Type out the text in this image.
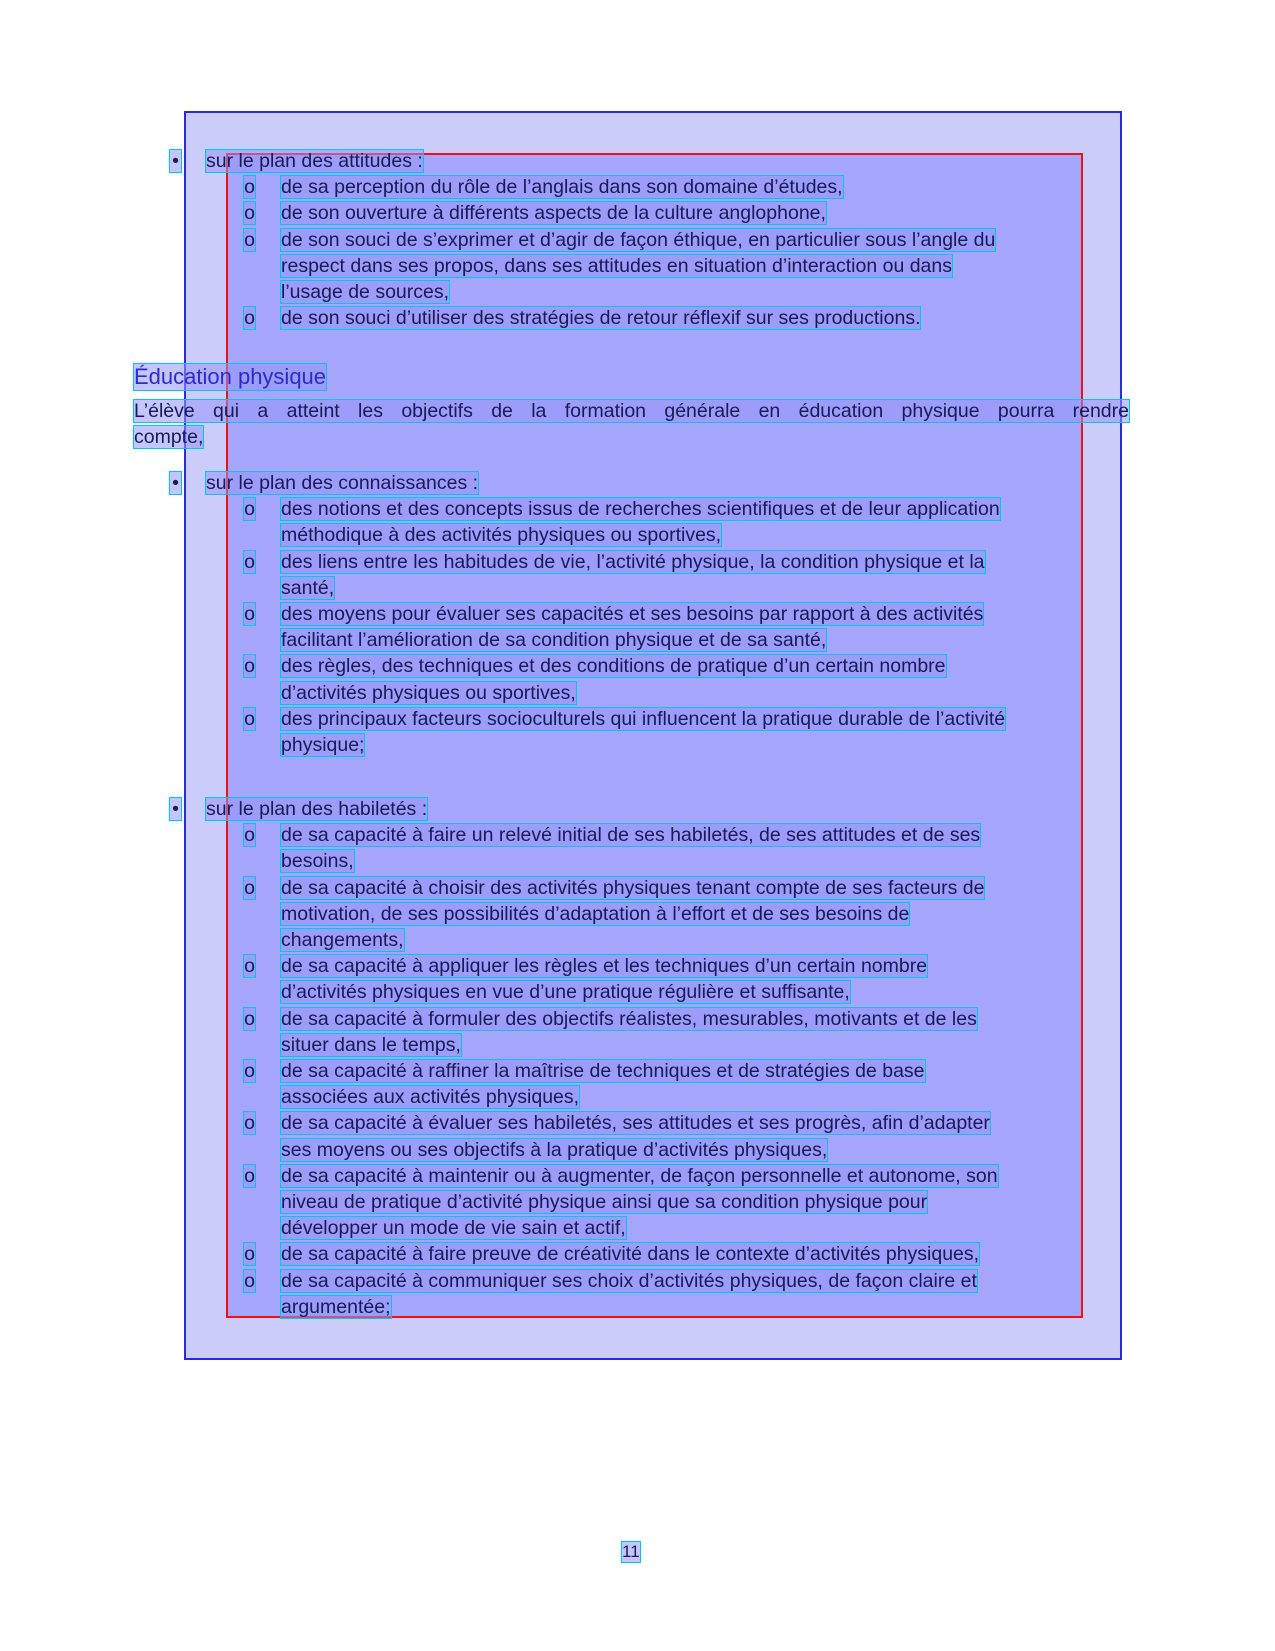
• sur le plan des attitudes :
o de sa perception du rôle de l’anglais dans son domaine d’études,
o de son ouverture à différents aspects de la culture anglophone,
o de son souci de s’exprimer et d’agir de façon éthique, en particulier sous l’angle du
respect dans ses propos, dans ses attitudes en situation d’interaction ou dans
l’usage de sources,
o de son souci d’utiliser des stratégies de retour réflexif sur ses productions.
Éducation physique
L’élève qui a atteint les objectifs de la formation générale en éducation physique pourra rendre
compte,
• sur le plan des connaissances :
o des notions et des concepts issus de recherches scientifiques et de leur application
méthodique à des activités physiques ou sportives,
o des liens entre les habitudes de vie, l’activité physique, la condition physique et la
santé,
o des moyens pour évaluer ses capacités et ses besoins par rapport à des activités
facilitant l’amélioration de sa condition physique et de sa santé,
o des règles, des techniques et des conditions de pratique d’un certain nombre
d’activités physiques ou sportives,
o des principaux facteurs socioculturels qui influencent la pratique durable de l’activité
physique;
• sur le plan des habiletés :
o de sa capacité à faire un relevé initial de ses habiletés, de ses attitudes et de ses
besoins,
o de sa capacité à choisir des activités physiques tenant compte de ses facteurs de
motivation, de ses possibilités d’adaptation à l’effort et de ses besoins de
changements,
o de sa capacité à appliquer les règles et les techniques d’un certain nombre
d’activités physiques en vue d’une pratique régulière et suffisante,
o de sa capacité à formuler des objectifs réalistes, mesurables, motivants et de les
situer dans le temps,
o de sa capacité à raffiner la maîtrise de techniques et de stratégies de base
associées aux activités physiques,
o de sa capacité à évaluer ses habiletés, ses attitudes et ses progrès, afin d’adapter
ses moyens ou ses objectifs à la pratique d’activités physiques,
o de sa capacité à maintenir ou à augmenter, de façon personnelle et autonome, son
niveau de pratique d’activité physique ainsi que sa condition physique pour
développer un mode de vie sain et actif,
o de sa capacité à faire preuve de créativité dans le contexte d’activités physiques,
o de sa capacité à communiquer ses choix d’activités physiques, de façon claire et
argumentée;
11
